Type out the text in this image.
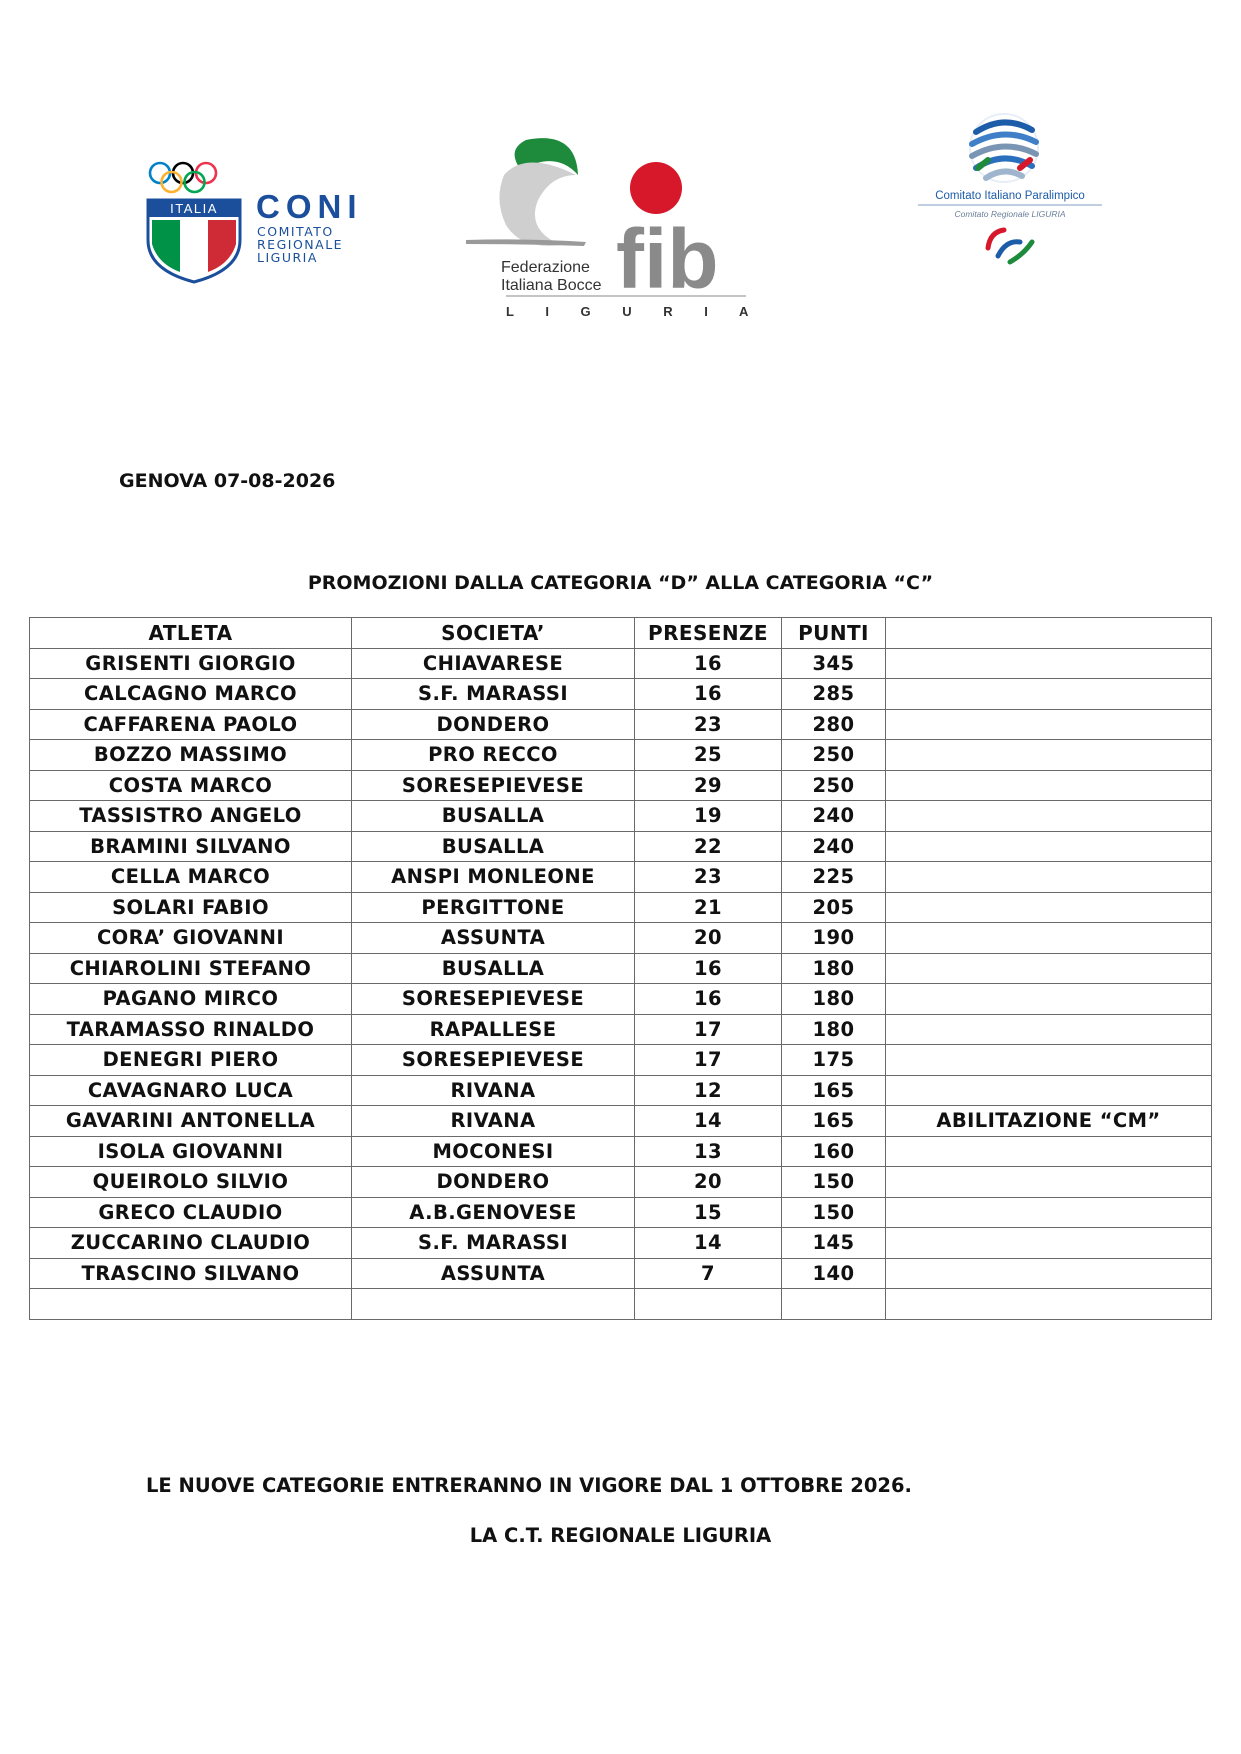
ITALIA CONI
COMITATO
REGIONALE
LIGURIA	fib
Federazione
Italiana Bocce
L I G U R I A
Comitato Italiano Paralimpico
Comitato Regionale LIGURIA
GENOVA 07-08-2026
PROMOZIONI DALLA CATEGORIA “D” ALLA CATEGORIA “C”
ATLETA	SOCIETA’	PRESENZE	PUNTI	
GRISENTI GIORGIO	CHIAVARESE	16	345	
CALCAGNO MARCO	S.F. MARASSI	16	285	
CAFFARENA PAOLO	DONDERO	23	280	
BOZZO MASSIMO	PRO RECCO	25	250	
COSTA MARCO	SORESEPIEVESE	29	250	
TASSISTRO ANGELO	BUSALLA	19	240	
BRAMINI SILVANO	BUSALLA	22	240	
CELLA MARCO	ANSPI MONLEONE	23	225	
SOLARI FABIO	PERGITTONE	21	205	
CORA’ GIOVANNI	ASSUNTA	20	190	
CHIAROLINI STEFANO	BUSALLA	16	180	
PAGANO MIRCO	SORESEPIEVESE	16	180	
TARAMASSO RINALDO	RAPALLESE	17	180	
DENEGRI PIERO	SORESEPIEVESE	17	175	
CAVAGNARO LUCA	RIVANA	12	165	
GAVARINI ANTONELLA	RIVANA	14	165	ABILITAZIONE “CM”
ISOLA GIOVANNI	MOCONESI	13	160	
QUEIROLO SILVIO	DONDERO	20	150	
GRECO CLAUDIO	A.B.GENOVESE	15	150	
ZUCCARINO CLAUDIO	S.F. MARASSI	14	145	
TRASCINO SILVANO	ASSUNTA	7	140	

LE NUOVE CATEGORIE ENTRERANNO IN VIGORE DAL 1 OTTOBRE 2026.
LA C.T. REGIONALE LIGURIA
